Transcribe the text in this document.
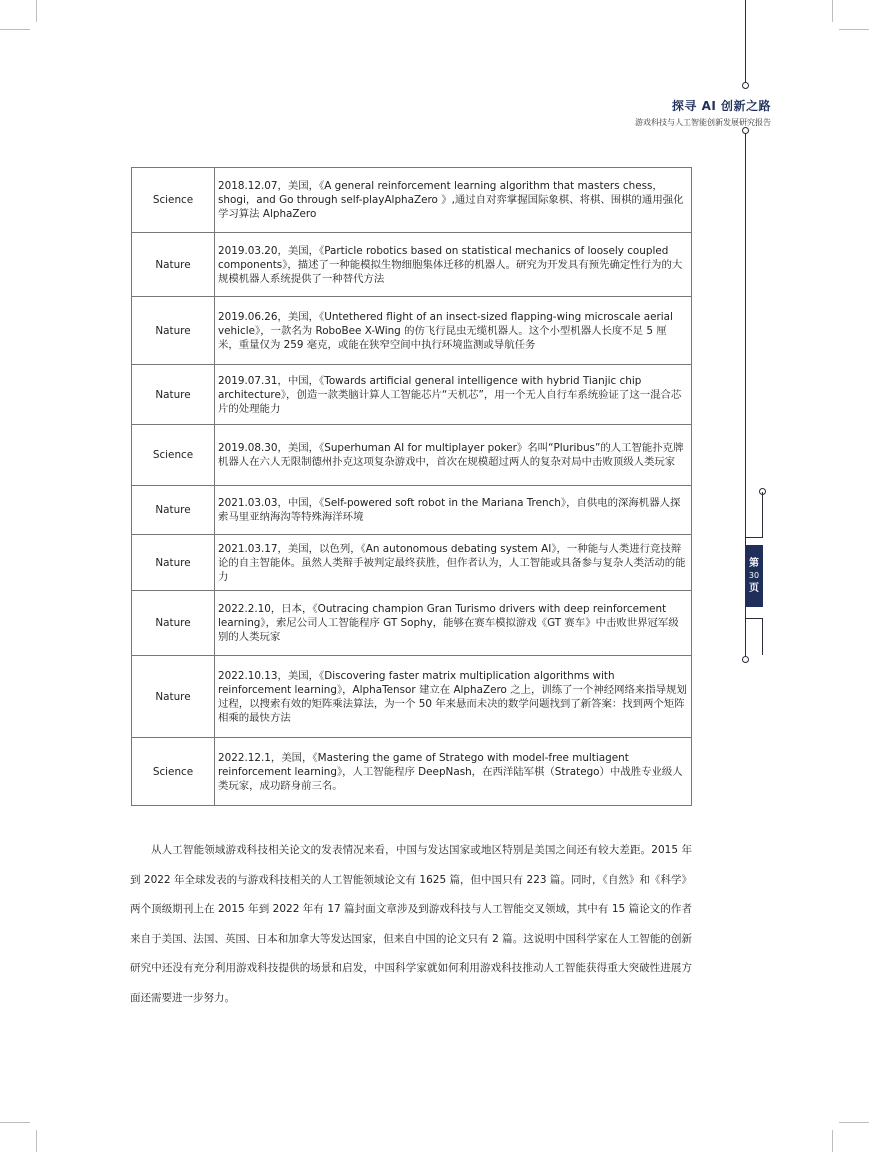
探寻 AI 创新之路
游戏科技与人工智能创新发展研究报告
第
30
页
Science	2018.12.07，美国，《A general reinforcement learning algorithm that masters chess，shogi，and Go through self-playAlphaZero 》,通过自对弈掌握国际象棋、将棋、围棋的通用强化学习算法 AlphaZero
Nature	2019.03.20，美国，《Particle robotics based on statistical mechanics of loosely coupled components》，描述了一种能模拟生物细胞集体迁移的机器人。研究为开发具有预先确定性行为的大规模机器人系统提供了一种替代方法
Nature	2019.06.26，美国，《Untethered flight of an insect-sized flapping-wing microscale aerial vehicle》，一款名为 RoboBee X-Wing 的仿飞行昆虫无缆机器人。这个小型机器人长度不足 5 厘米，重量仅为 259 毫克，或能在狭窄空间中执行环境监测或导航任务
Nature	2019.07.31，中国，《Towards artificial general intelligence with hybrid Tianjic chip architecture》，创造一款类脑计算人工智能芯片“天机芯”，用一个无人自行车系统验证了这一混合芯片的处理能力
Science	2019.08.30，美国，《Superhuman AI for multiplayer poker》名叫“Pluribus”的人工智能扑克牌机器人在六人无限制德州扑克这项复杂游戏中，首次在规模超过两人的复杂对局中击败顶级人类玩家
Nature	2021.03.03，中国，《Self-powered soft robot in the Mariana Trench》，自供电的深海机器人探索马里亚纳海沟等特殊海洋环境
Nature	2021.03.17，美国，以色列，《An autonomous debating system AI》，一种能与人类进行竞技辩论的自主智能体。虽然人类辩手被判定最终获胜，但作者认为，人工智能或具备参与复杂人类活动的能力
Nature	2022.2.10，日本，《Outracing champion Gran Turismo drivers with deep reinforcement learning》，索尼公司人工智能程序 GT Sophy，能够在赛车模拟游戏《GT 赛车》中击败世界冠军级别的人类玩家
Nature	2022.10.13，美国，《Discovering faster matrix multiplication algorithms with reinforcement learning》，AlphaTensor 建立在 AlphaZero 之上，训练了一个神经网络来指导规划过程，以搜索有效的矩阵乘法算法，为一个 50 年来悬而未决的数学问题找到了新答案：找到两个矩阵相乘的最快方法
Science	2022.12.1，美国，《Mastering the game of Stratego with model-free multiagent reinforcement learning》，人工智能程序 DeepNash，在西洋陆军棋（Stratego）中战胜专业级人类玩家，成功跻身前三名。

从人工智能领域游戏科技相关论文的发表情况来看，中国与发达国家或地区特别是美国之间还有较大差距。2015 年到 2022 年全球发表的与游戏科技相关的人工智能领域论文有 1625 篇，但中国只有 223 篇。同时，《自然》和《科学》两个顶级期刊上在 2015 年到 2022 年有 17 篇封面文章涉及到游戏科技与人工智能交叉领域，其中有 15 篇论文的作者来自于美国、法国、英国、日本和加拿大等发达国家，但来自中国的论文只有 2 篇。这说明中国科学家在人工智能的创新研究中还没有充分利用游戏科技提供的场景和启发，中国科学家就如何利用游戏科技推动人工智能获得重大突破性进展方面还需要进一步努力。
